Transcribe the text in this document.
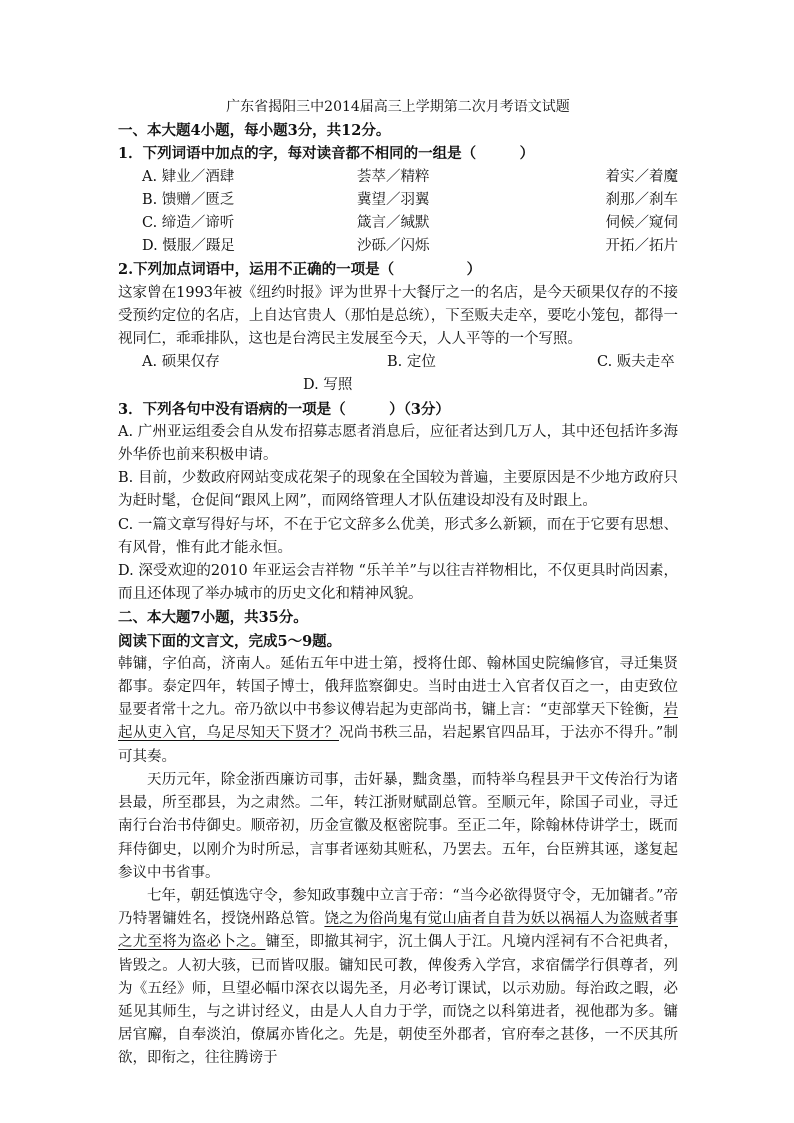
广东省揭阳三中2014届高三上学期第二次月考语文试题
一、本大题4小题，每小题3分，共12分。
1．下列词语中加点的字，每对读音都不相同的一组是（　　　）
A. 肄业／酒肆	荟萃／精粹	着实／着魔
B. 馈赠／匮乏	冀望／羽翼	刹那／刹车
C. 缔造／谛听	箴言／缄默	伺候／窥伺
D. 慑服／蹑足	沙砾／闪烁	开拓／拓片
2.下列加点词语中，运用不正确的一项是（　　　　　）
这家曾在1993年被《纽约时报》评为世界十大餐厅之一的名店，是今天硕果仅存的不接受预约定位的名店，上自达官贵人（那怕是总统），下至贩夫走卒，要吃小笼包，都得一视同仁，乖乖排队，这也是台湾民主发展至今天，人人平等的一个写照。
A. 硕果仅存	B. 定位	C. 贩夫走卒
D. 写照
3．下列各句中没有语病的一项是（　　　）（3分）
A. 广州亚运组委会自从发布招募志愿者消息后，应征者达到几万人，其中还包括许多海外华侨也前来积极申请。
B. 目前，少数政府网站变成花架子的现象在全国较为普遍，主要原因是不少地方政府只为赶时髦，仓促间“跟风上网”，而网络管理人才队伍建设却没有及时跟上。
C. 一篇文章写得好与坏，不在于它文辞多么优美，形式多么新颖，而在于它要有思想、有风骨，惟有此才能永恒。
D. 深受欢迎的2010 年亚运会吉祥物 “乐羊羊”与以往吉祥物相比，不仅更具时尚因素，而且还体现了举办城市的历史文化和精神风貌。
二、本大题7小题，共35分。
阅读下面的文言文，完成5～9题。
韩镛，字伯高，济南人。延佑五年中进士第，授将仕郎、翰林国史院编修官，寻迁集贤都事。泰定四年，转国子博士，俄拜监察御史。当时由进士入官者仅百之一，由吏致位显要者常十之九。帝乃欲以中书参议傅岩起为吏部尚书，镛上言：“吏部掌天下铨衡，岩起从吏入官，乌足尽知天下贤才？况尚书秩三品，岩起累官四品耳，于法亦不得升。”制可其奏。
天历元年，除金浙西廉访司事，击奸暴，黜贪墨，而特举乌程县尹干文传治行为诸县最，所至郡县，为之肃然。二年，转江浙财赋副总管。至顺元年，除国子司业，寻迁南行台治书侍御史。顺帝初，历金宣徽及枢密院事。至正二年，除翰林侍讲学士，既而拜侍御史，以刚介为时所忌，言事者诬劾其赃私，乃罢去。五年，台臣辨其诬，遂复起参议中书省事。
七年，朝廷慎选守令，参知政事魏中立言于帝：“当今必欲得贤守令，无加镛者。”帝乃特署镛姓名，授饶州路总管。饶之为俗尚鬼有觉山庙者自昔为妖以祸福人为盗贼者事之尤至将为盗必卜之。镛至，即撤其祠宇，沉土偶人于江。凡境内淫祠有不合祀典者，皆毁之。人初大骇，已而皆叹服。镛知民可教，俾俊秀入学宫，求宿儒学行俱尊者，列为《五经》师，旦望必幅巾深衣以谒先圣，月必考订课试，以示劝励。每治政之暇，必延见其师生，与之讲讨经义，由是人人自力于学，而饶之以科第进者，视他郡为多。镛居官廨，自奉淡泊，僚属亦皆化之。先是，朝使至外郡者，官府奉之甚侈，一不厌其所欲，即衔之，往往腾谤于
